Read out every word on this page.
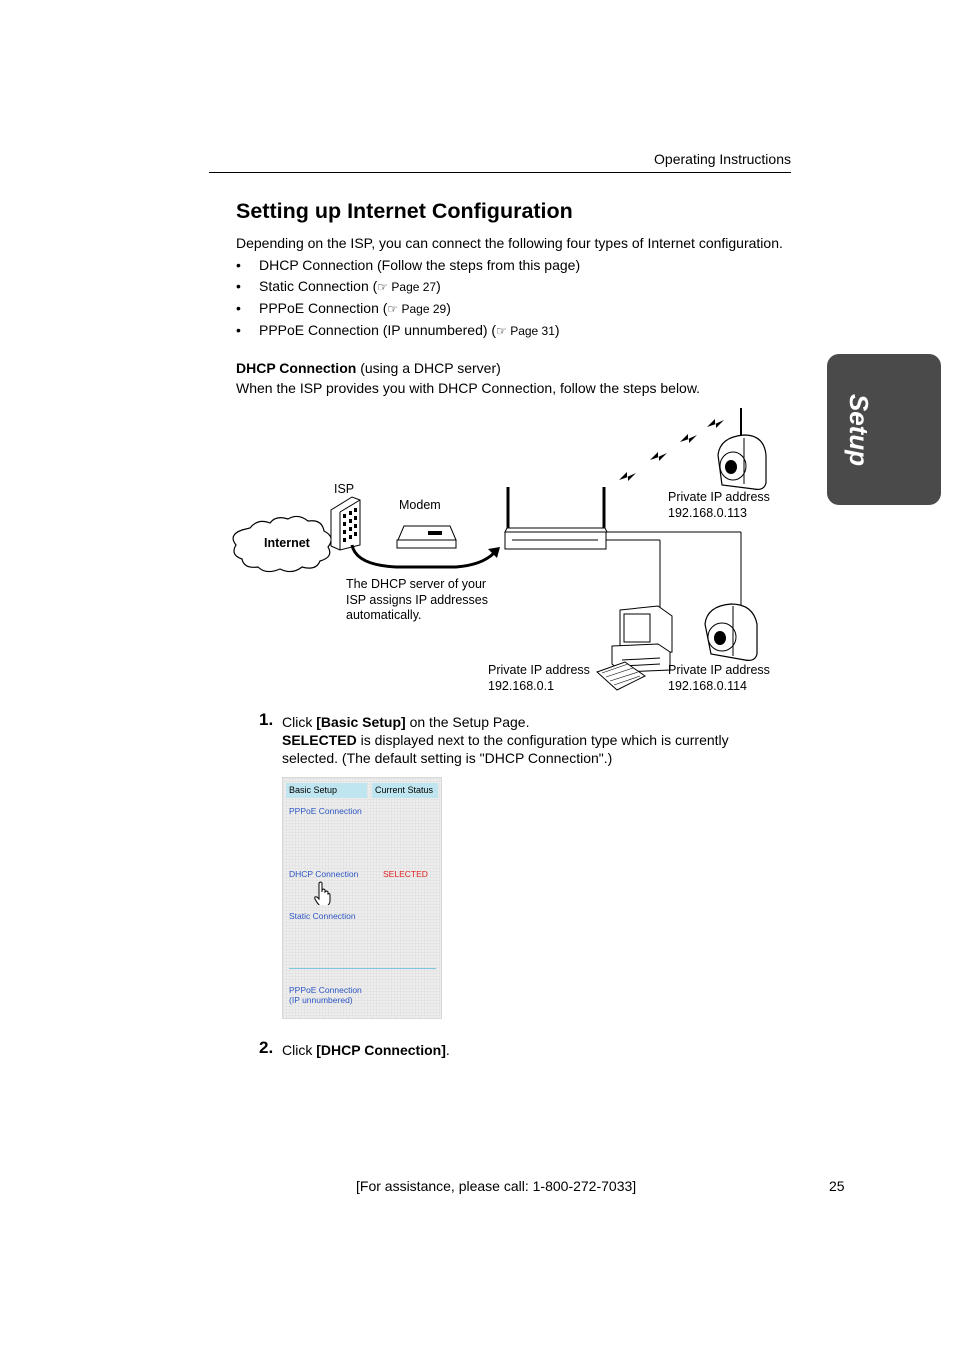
Operating Instructions
Setup
Setting up Internet Configuration
Depending on the ISP, you can connect the following four types of Internet configuration.
• DHCP Connection (Follow the steps from this page)
• Static Connection (☞ Page 27)
• PPPoE Connection (☞ Page 29)
• PPPoE Connection (IP unnumbered) (☞ Page 31)
DHCP Connection (using a DHCP server)
When the ISP provides you with DHCP Connection, follow the steps below.
ISP
Modem
Internet
The DHCP server of your
ISP assigns IP addresses
automatically.
Private IP address
192.168.0.113
Private IP address
192.168.0.1
Private IP address
192.168.0.114
1. Click [Basic Setup] on the Setup Page.
SELECTED is displayed next to the configuration type which is currently
selected. (The default setting is "DHCP Connection".)
Basic Setup	Current Status
PPPoE Connection
DHCP Connection	SELECTED
Static Connection
PPPoE Connection
(IP unnumbered)
2. Click [DHCP Connection].
[For assistance, please call: 1-800-272-7033]	25
